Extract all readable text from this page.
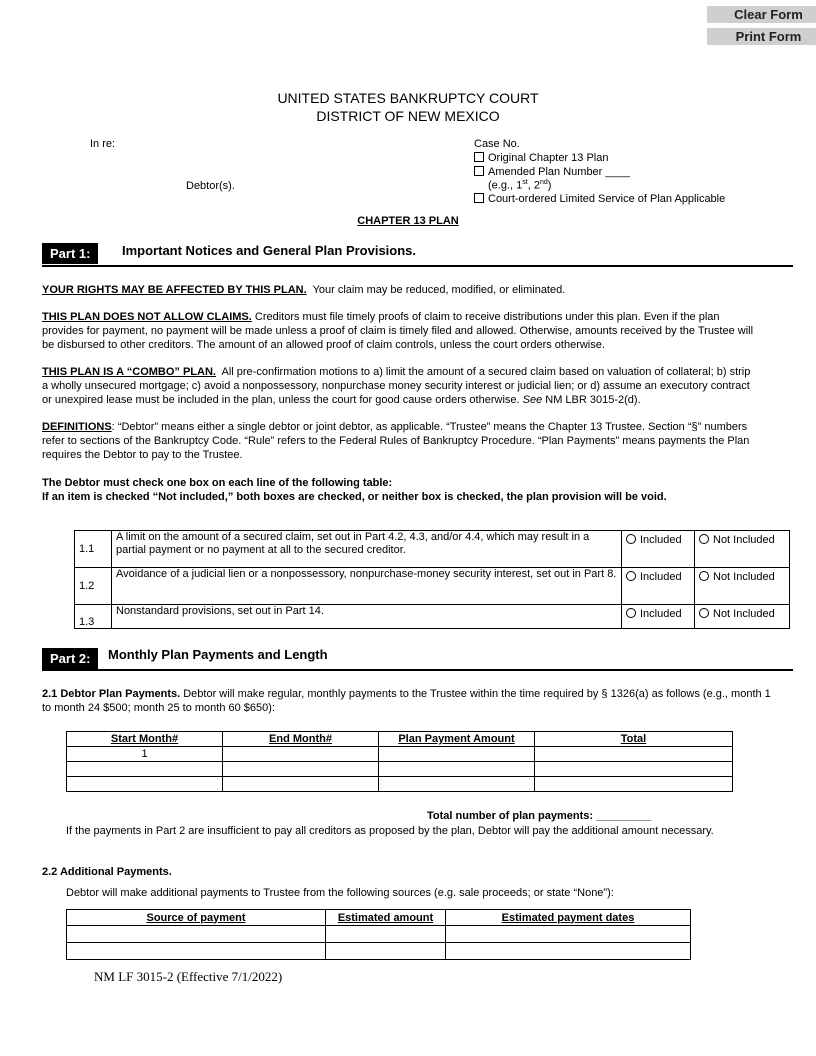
Clear Form
Print Form
UNITED STATES BANKRUPTCY COURT
DISTRICT OF NEW MEXICO
In re:
Debtor(s).
Case No.
Original Chapter 13 Plan
Amended Plan Number ____
(e.g., 1st, 2nd)
Court-ordered Limited Service of Plan Applicable
CHAPTER 13 PLAN
Part 1:	Important Notices and General Plan Provisions.
YOUR RIGHTS MAY BE AFFECTED BY THIS PLAN. Your claim may be reduced, modified, or eliminated.
THIS PLAN DOES NOT ALLOW CLAIMS. Creditors must file timely proofs of claim to receive distributions under this plan. Even if the plan provides for payment, no payment will be made unless a proof of claim is timely filed and allowed. Otherwise, amounts received by the Trustee will be disbursed to other creditors. The amount of an allowed proof of claim controls, unless the court orders otherwise.
THIS PLAN IS A “COMBO” PLAN. All pre-confirmation motions to a) limit the amount of a secured claim based on valuation of collateral; b) strip a wholly unsecured mortgage; c) avoid a nonpossessory, nonpurchase money security interest or judicial lien; or d) assume an executory contract or unexpired lease must be included in the plan, unless the court for good cause orders otherwise. See NM LBR 3015-2(d).
DEFINITIONS: “Debtor” means either a single debtor or joint debtor, as applicable. “Trustee” means the Chapter 13 Trustee. Section “§” numbers refer to sections of the Bankruptcy Code. “Rule” refers to the Federal Rules of Bankruptcy Procedure. “Plan Payments” means payments the Plan requires the Debtor to pay to the Trustee.
The Debtor must check one box on each line of the following table:
If an item is checked “Not included,” both boxes are checked, or neither box is checked, the plan provision will be void.
1.1	A limit on the amount of a secured claim, set out in Part 4.2, 4.3, and/or 4.4, which may result in a partial payment or no payment at all to the secured creditor.	Included	Not Included
1.2	Avoidance of a judicial lien or a nonpossessory, nonpurchase-money security interest, set out in Part 8.	Included	Not Included
1.3	Nonstandard provisions, set out in Part 14.	Included	Not Included
Part 2:	Monthly Plan Payments and Length
2.1 Debtor Plan Payments. Debtor will make regular, monthly payments to the Trustee within the time required by § 1326(a) as follows (e.g., month 1 to month 24 $500; month 25 to month 60 $650):
Start Month#	End Month#	Plan Payment Amount	Total
1			

Total number of plan payments: _________
If the payments in Part 2 are insufficient to pay all creditors as proposed by the plan, Debtor will pay the additional amount necessary.
2.2 Additional Payments.
Debtor will make additional payments to Trustee from the following sources (e.g. sale proceeds; or state “None”):
Source of payment	Estimated amount	Estimated payment dates

NM LF 3015-2 (Effective 7/1/2022)
